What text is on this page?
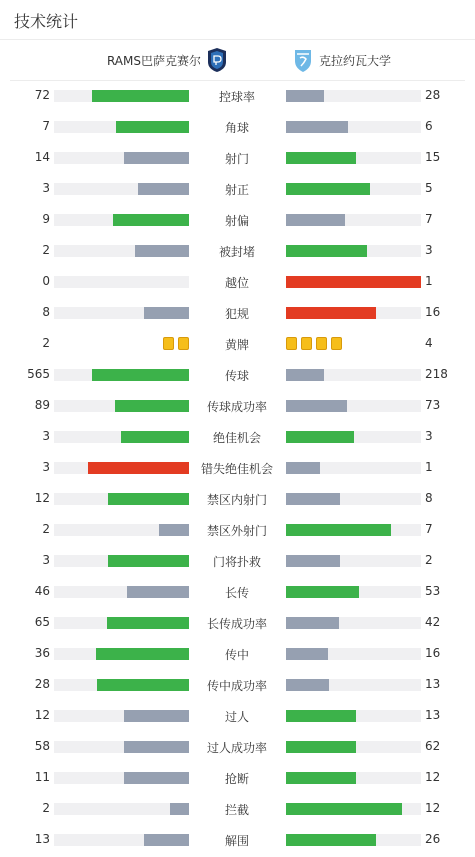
技术统计
RAMS巴萨克赛尔	克拉约瓦大学
72	控球率	28
7	角球	6
14	射门	15
3	射正	5
9	射偏	7
2	被封堵	3
0	越位	1
8	犯规	16
2	黄牌	4
565	传球	218
89	传球成功率	73
3	绝佳机会	3
3	错失绝佳机会	1
12	禁区内射门	8
2	禁区外射门	7
3	门将扑救	2
46	长传	53
65	长传成功率	42
36	传中	16
28	传中成功率	13
12	过人	13
58	过人成功率	62
11	抢断	12
2	拦截	12
13	解围	26
